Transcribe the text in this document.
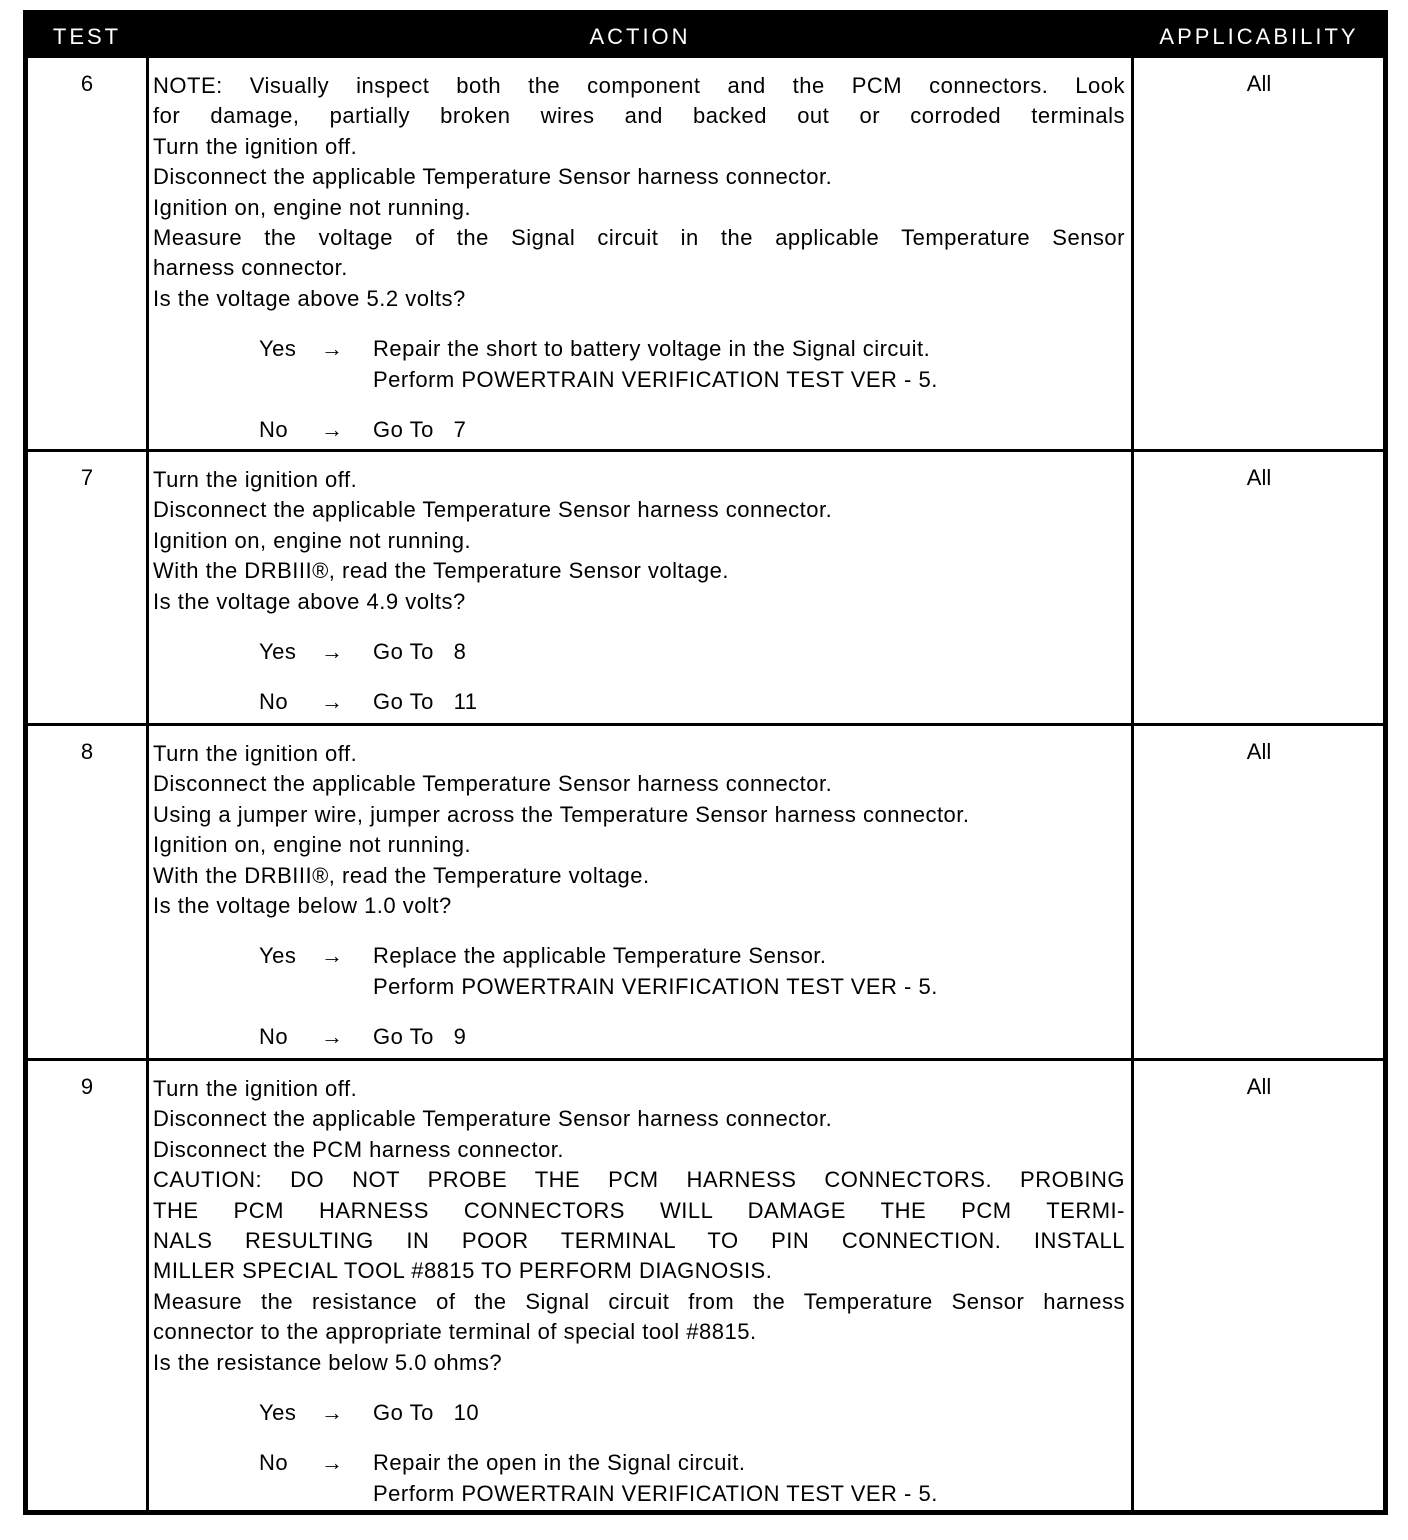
TEST	ACTION	APPLICABILITY
6	NOTE: Visually inspect both the component and the PCM connectors. Look
for damage, partially broken wires and backed out or corroded terminals
Turn the ignition off.
Disconnect the applicable Temperature Sensor harness connector.
Ignition on, engine not running.
Measure the voltage of the Signal circuit in the applicable Temperature Sensor
harness connector.
Is the voltage above 5.2 volts?
Yes → Repair the short to battery voltage in the Signal circuit.
Perform POWERTRAIN VERIFICATION TEST VER - 5.
No → Go To   7
All
7	Turn the ignition off.
Disconnect the applicable Temperature Sensor harness connector.
Ignition on, engine not running.
With the DRBIII®, read the Temperature Sensor voltage.
Is the voltage above 4.9 volts?
Yes → Go To   8
No → Go To   11
All
8	Turn the ignition off.
Disconnect the applicable Temperature Sensor harness connector.
Using a jumper wire, jumper across the Temperature Sensor harness connector.
Ignition on, engine not running.
With the DRBIII®, read the Temperature voltage.
Is the voltage below 1.0 volt?
Yes → Replace the applicable Temperature Sensor.
Perform POWERTRAIN VERIFICATION TEST VER - 5.
No → Go To   9
All
9	Turn the ignition off.
Disconnect the applicable Temperature Sensor harness connector.
Disconnect the PCM harness connector.
CAUTION: DO NOT PROBE THE PCM HARNESS CONNECTORS. PROBING
THE PCM HARNESS CONNECTORS WILL DAMAGE THE PCM TERMI-
NALS RESULTING IN POOR TERMINAL TO PIN CONNECTION. INSTALL
MILLER SPECIAL TOOL #8815 TO PERFORM DIAGNOSIS.
Measure the resistance of the Signal circuit from the Temperature Sensor harness
connector to the appropriate terminal of special tool #8815.
Is the resistance below 5.0 ohms?
Yes → Go To   10
No → Repair the open in the Signal circuit.
Perform POWERTRAIN VERIFICATION TEST VER - 5.
All
